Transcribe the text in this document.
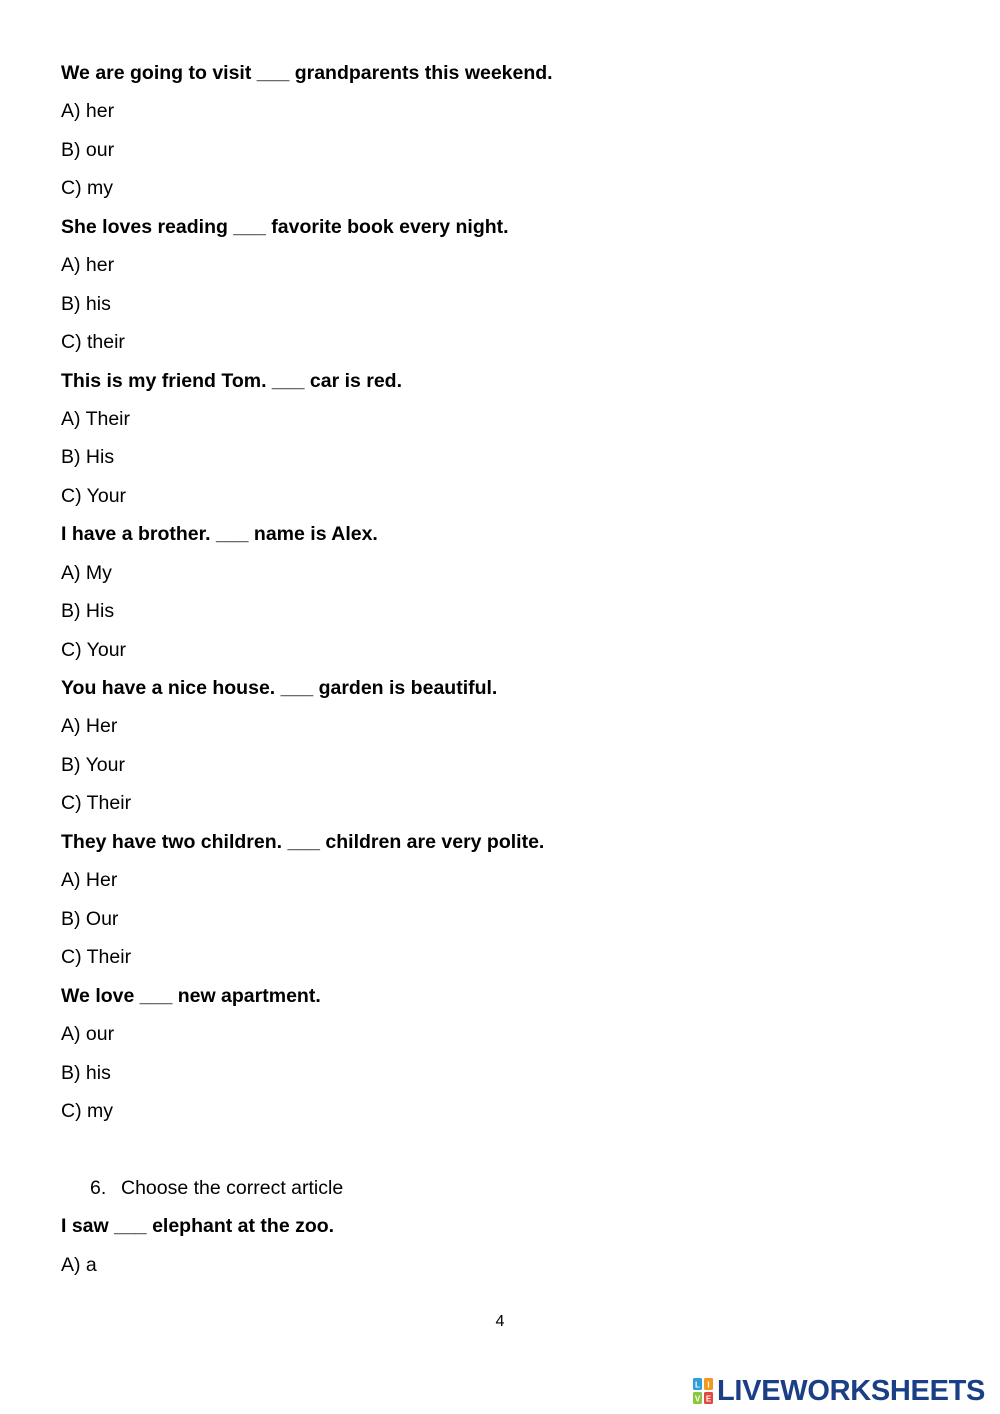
We are going to visit ___ grandparents this weekend.

A) her

B) our

C) my

She loves reading ___ favorite book every night.

A) her

B) his

C) their

This is my friend Tom. ___ car is red.

A) Their

B) His

C) Your

I have a brother. ___ name is Alex.

A) My

B) His

C) Your

You have a nice house. ___ garden is beautiful.

A) Her

B) Your

C) Their

They have two children. ___ children are very polite.

A) Her

B) Our

C) Their

We love ___ new apartment.

A) our

B) his

C) my

6. Choose the correct article

I saw ___ elephant at the zoo.

A) a

4
L I
V E LIVEWORKSHEETS
